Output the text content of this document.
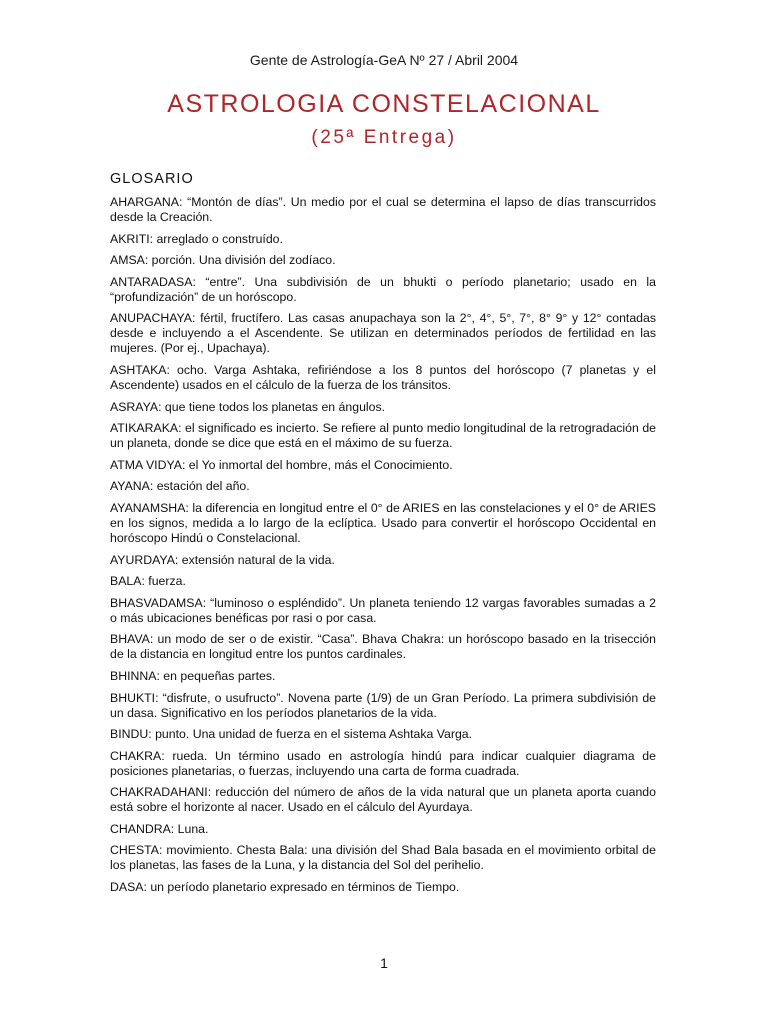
Gente de Astrología-GeA Nº 27 / Abril 2004
ASTROLOGIA CONSTELACIONAL
(25ª Entrega)
GLOSARIO

AHARGANA: “Montón de días”. Un medio por el cual se determina el lapso de días transcurridos desde la Creación.

AKRITI: arreglado o construído.

AMSA: porción. Una división del zodíaco.

ANTARADASA: “entre”. Una subdivisión de un bhukti o período planetario; usado en la “profundización” de un horóscopo.

ANUPACHAYA: fértil, fructífero. Las casas anupachaya son la 2°, 4°, 5°, 7°, 8° 9° y 12° contadas desde e incluyendo a el Ascendente. Se utilizan en determinados períodos de fertilidad en las mujeres. (Por ej., Upachaya).

ASHTAKA: ocho. Varga Ashtaka, refiriéndose a los 8 puntos del horóscopo (7 planetas y el Ascendente) usados en el cálculo de la fuerza de los tránsitos.

ASRAYA: que tiene todos los planetas en ángulos.

ATIKARAKA: el significado es incierto. Se refiere al punto medio longitudinal de la retrogradación de un planeta, donde se dice que está en el máximo de su fuerza.

ATMA VIDYA: el Yo inmortal del hombre, más el Conocimiento.

AYANA: estación del año.

AYANAMSHA: la diferencia en longitud entre el 0° de ARIES en las constelaciones y el 0° de ARIES en los signos, medida a lo largo de la eclíptica. Usado para convertir el horóscopo Occidental en horóscopo Hindú o Constelacional.

AYURDAYA: extensión natural de la vida.

BALA: fuerza.

BHASVADAMSA: “luminoso o espléndido”. Un planeta teniendo 12 vargas favorables sumadas a 2 o más ubicaciones benéficas por rasi o por casa.

BHAVA: un modo de ser o de existir. “Casa”. Bhava Chakra: un horóscopo basado en la trisección de la distancia en longitud entre los puntos cardinales.

BHINNA: en pequeñas partes.

BHUKTI: “disfrute, o usufructo”. Novena parte (1/9) de un Gran Período. La primera subdivisión de un dasa. Significativo en los períodos planetarios de la vida.

BINDU: punto. Una unidad de fuerza en el sistema Ashtaka Varga.

CHAKRA: rueda. Un término usado en astrología hindú para indicar cualquier diagrama de posiciones planetarias, o fuerzas, incluyendo una carta de forma cuadrada.

CHAKRADAHANI: reducción del número de años de la vida natural que un planeta aporta cuando está sobre el horizonte al nacer. Usado en el cálculo del Ayurdaya.

CHANDRA: Luna.

CHESTA: movimiento. Chesta Bala: una división del Shad Bala basada en el movimiento orbital de los planetas, las fases de la Luna, y la distancia del Sol del perihelio.

DASA: un período planetario expresado en términos de Tiempo.

1
